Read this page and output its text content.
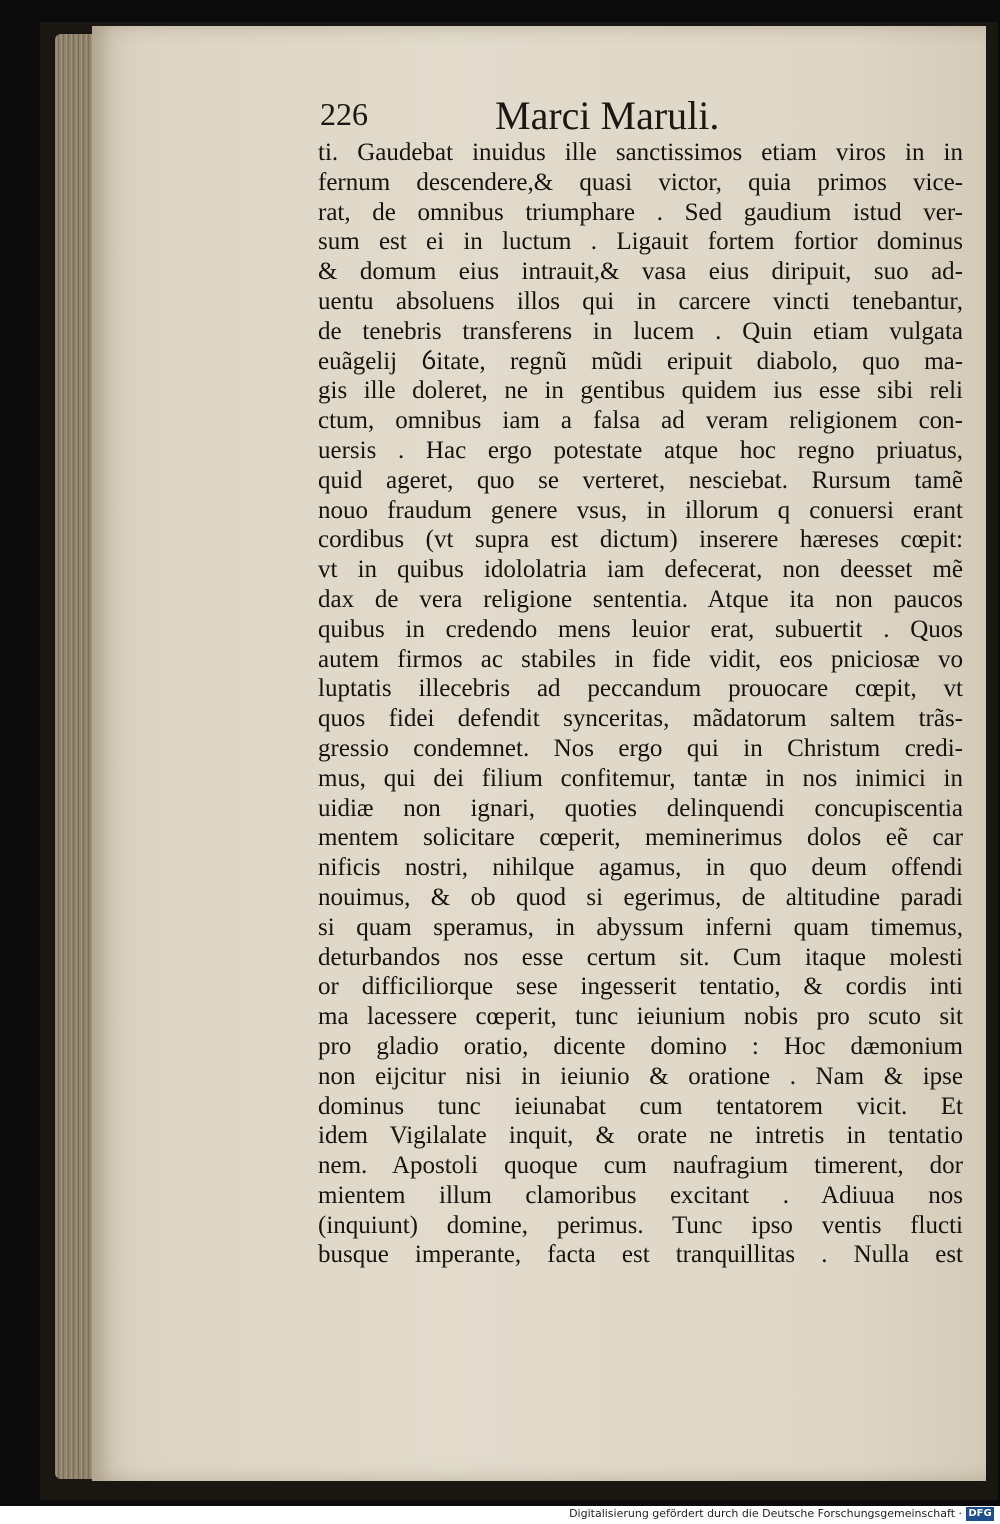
226	Marci Maruli.
ti. Gaudebat inuidus ille sanctissimos etiam viros in in
fernum descendere,& quasi victor, quia primos vice-
rat, de omnibus triumphare . Sed gaudium istud ver-
sum est ei in luctum . Ligauit fortem fortior dominus
& domum eius intrauit,& vasa eius diripuit, suo ad-
uentu absoluens illos qui in carcere vincti tenebantur,
de tenebris transferens in lucem . Quin etiam vulgata
euãgelij ỽitate, regnũ mũdi eripuit diabolo, quo ma-
gis ille doleret, ne in gentibus quidem ius esse sibi reli
ctum, omnibus iam a falsa ad veram religionem con-
uersis . Hac ergo potestate atque hoc regno priuatus,
quid ageret, quo se verteret, nesciebat. Rursum tamẽ
nouo fraudum genere vsus, in illorum q conuersi erant
cordibus (vt supra est dictum) inserere hæreses cœpit:
vt in quibus idololatria iam defecerat, non deesset mẽ
dax de vera religione sententia. Atque ita non paucos
quibus in credendo mens leuior erat, subuertit . Quos
autem firmos ac stabiles in fide vidit, eos pniciosæ vo
luptatis illecebris ad peccandum prouocare cœpit, vt
quos fidei defendit synceritas, mãdatorum saltem trãs-
gressio condemnet. Nos ergo qui in Christum credi-
mus, qui dei filium confitemur, tantæ in nos inimici in
uidiæ non ignari, quoties delinquendi concupiscentia
mentem solicitare cœperit, meminerimus dolos eẽ car
nificis nostri, nihilque agamus, in quo deum offendi
nouimus, & ob quod si egerimus, de altitudine paradi
si quam speramus, in abyssum inferni quam timemus,
deturbandos nos esse certum sit. Cum itaque molesti
or difficiliorque sese ingesserit tentatio, & cordis inti
ma lacessere cœperit, tunc ieiunium nobis pro scuto sit
pro gladio oratio, dicente domino : Hoc dæmonium
non eijcitur nisi in ieiunio & oratione . Nam & ipse
dominus tunc ieiunabat cum tentatorem vicit. Et
idem Vigilalate inquit, & orate ne intretis in tentatio
nem. Apostoli quoque cum naufragium timerent, dor
mientem illum clamoribus excitant . Adiuua nos
(inquiunt) domine, perimus. Tunc ipso ventis flucti
busque imperante, facta est tranquillitas . Nulla est
Digitalisierung gefördert durch die Deutsche Forschungsgemeinschaft · DFG
